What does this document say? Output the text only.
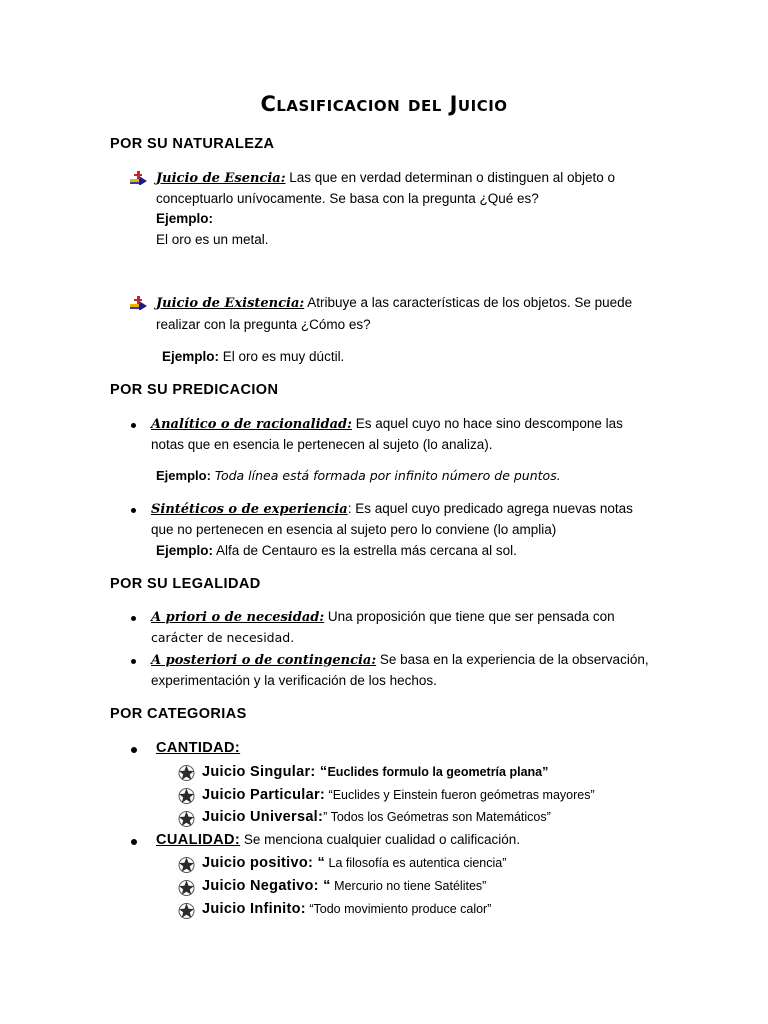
Clasificacion del Juicio
POR SU NATURALEZA
Juicio de Esencia: Las que en verdad determinan o distinguen al objeto o
conceptuarlo unívocamente. Se basa con la pregunta ¿Qué es?
Ejemplo:
El oro es un metal.
Juicio de Existencia: Atribuye a las características de los objetos. Se puede
realizar con la pregunta ¿Cómo es?
Ejemplo: El oro es muy dúctil.
POR SU PREDICACION
Analítico o de racionalidad: Es aquel cuyo no hace sino descompone las
notas que en esencia le pertenecen al sujeto (lo analiza).
Ejemplo: Toda línea está formada por infinito número de puntos.
Sintéticos o de experiencia: Es aquel cuyo predicado agrega nuevas notas
que no pertenecen en esencia al sujeto pero lo conviene (lo amplia)
Ejemplo: Alfa de Centauro es la estrella más cercana al sol.
POR SU LEGALIDAD
A priori o de necesidad: Una proposición que tiene que ser pensada con
carácter de necesidad.
A posteriori o de contingencia: Se basa en la experiencia de la observación,
experimentación y la verificación de los hechos.
POR CATEGORIAS
CANTIDAD:
Juicio Singular: “Euclides formulo la geometría plana”
Juicio Particular: “Euclides y Einstein fueron geómetras mayores”
Juicio Universal:” Todos los Geómetras son Matemáticos”
CUALIDAD: Se menciona cualquier cualidad o calificación.
Juicio positivo: “ La filosofía es autentica ciencia”
Juicio Negativo: “ Mercurio no tiene Satélites”
Juicio Infinito: “Todo movimiento produce calor”
